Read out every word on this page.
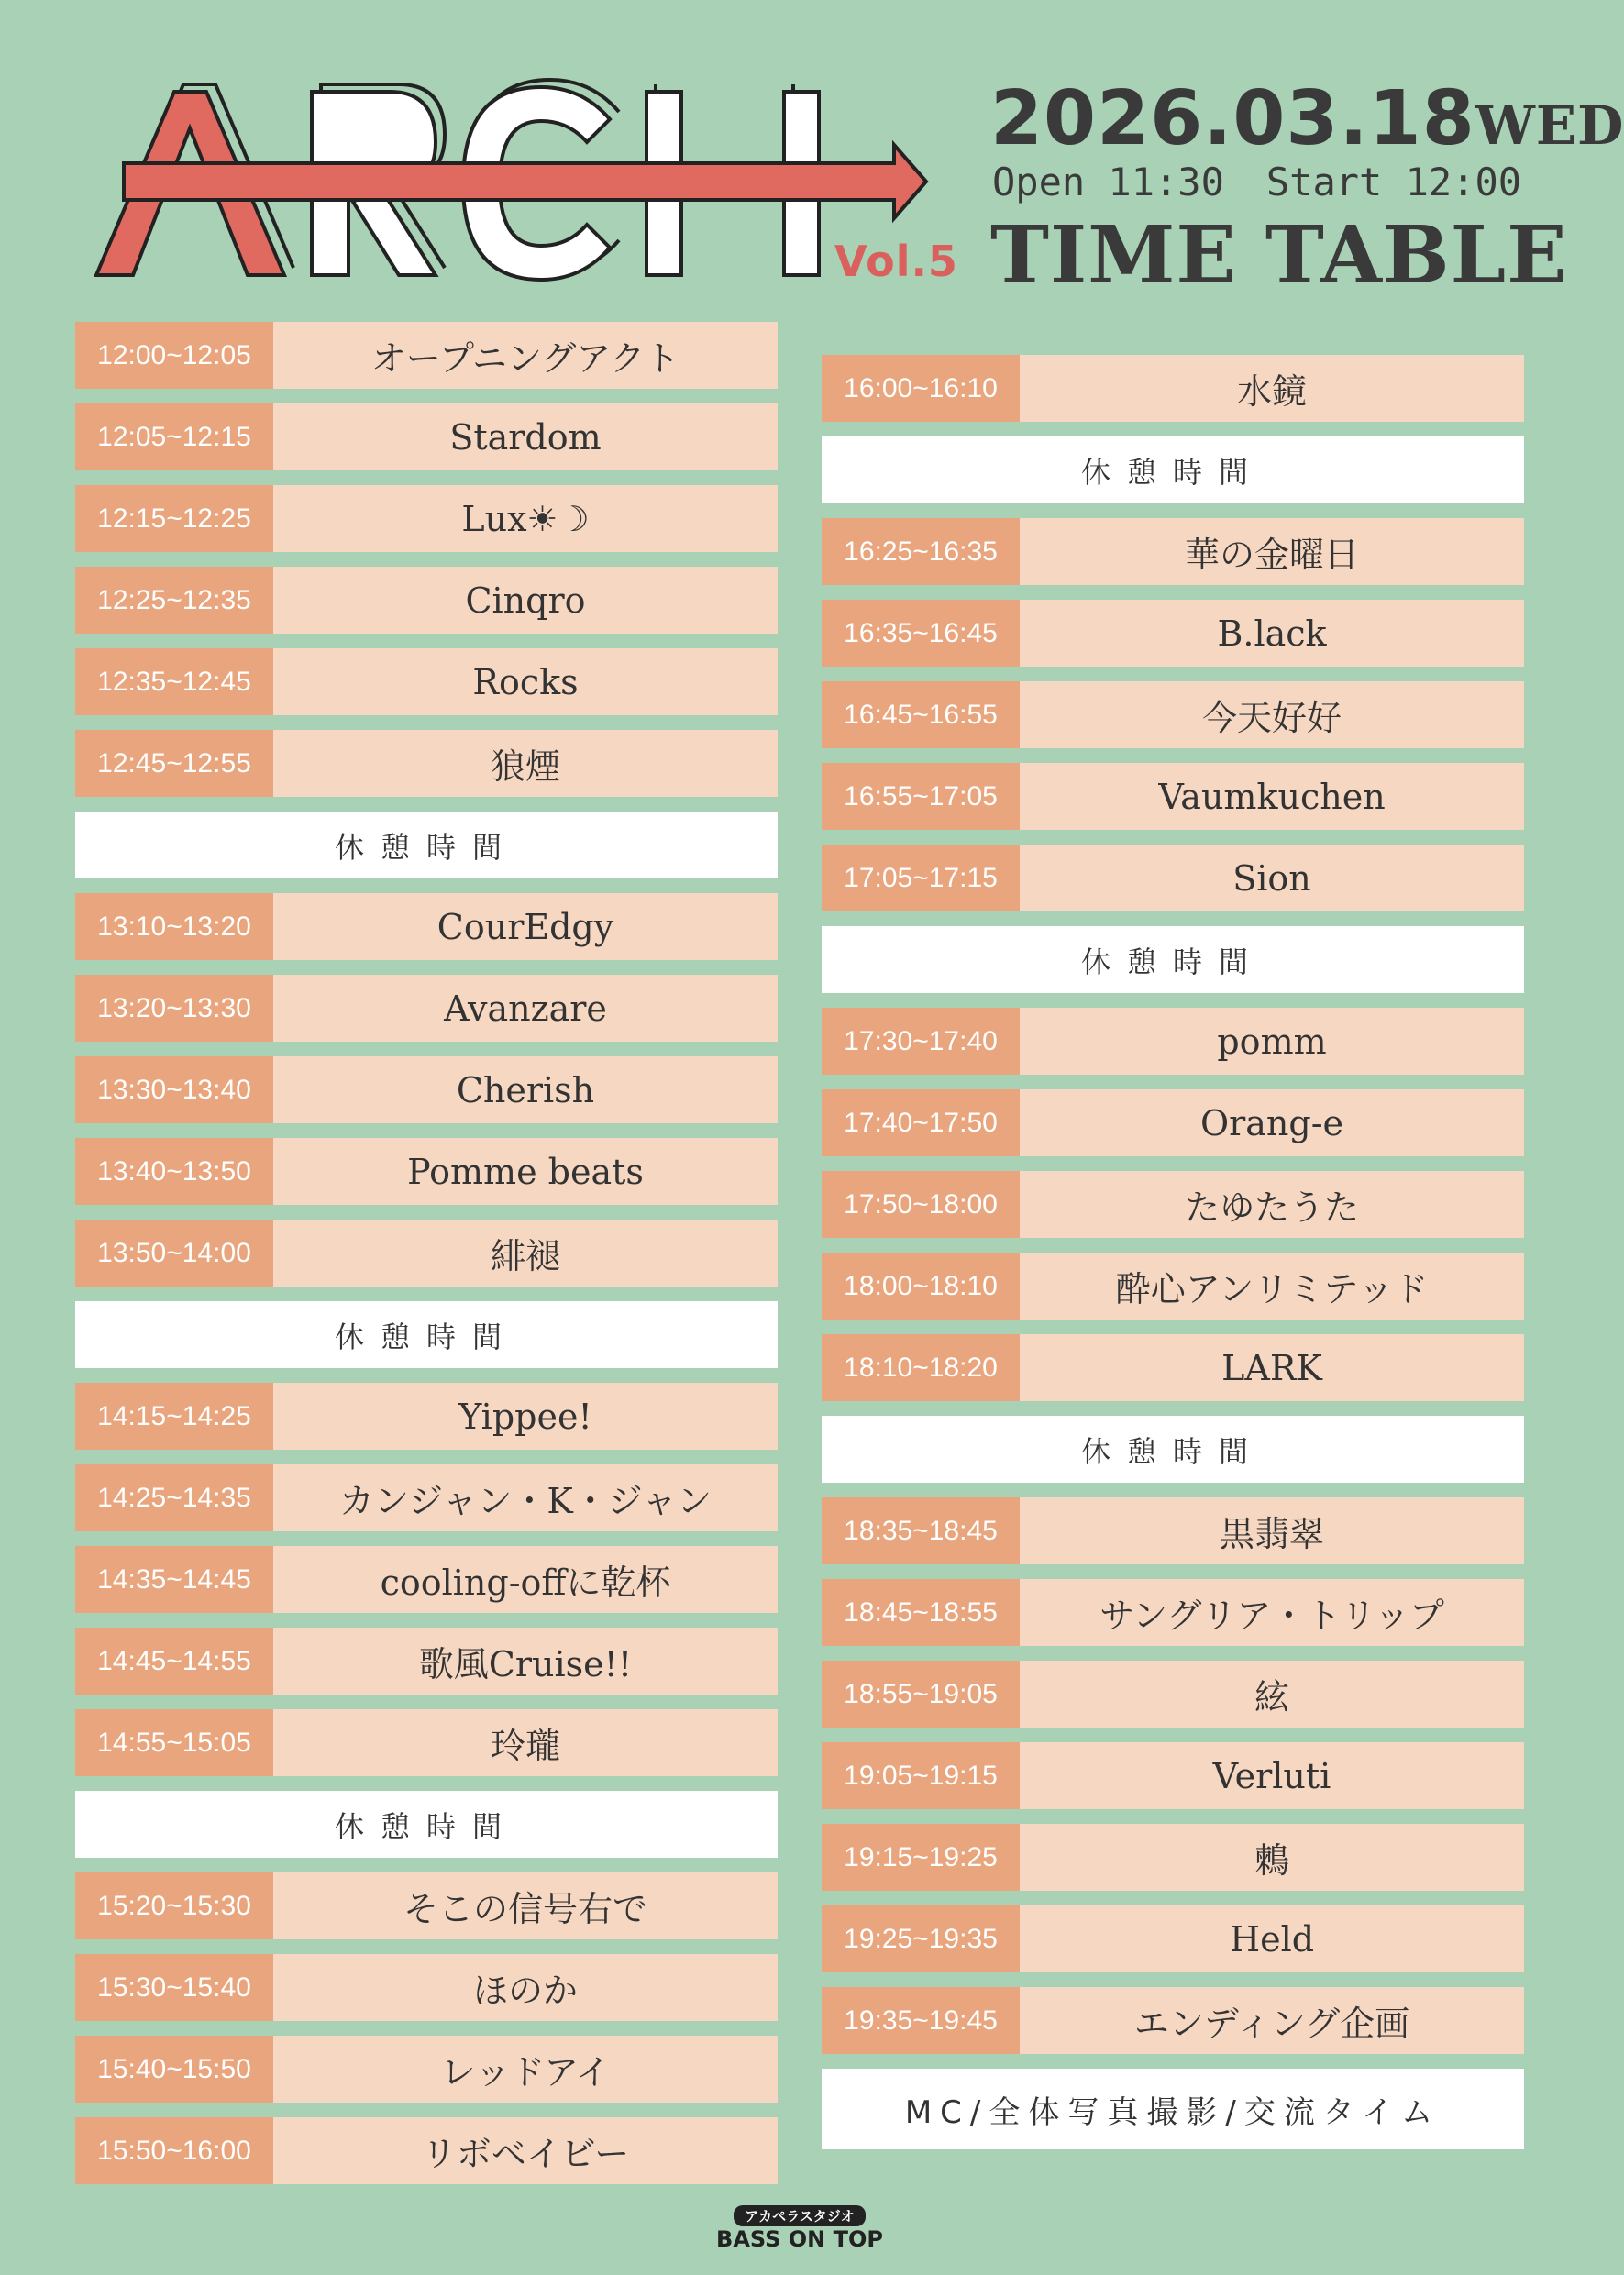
Vol.5
2026.03.18WED
Open 11:30 Start 12:00
TIME TABLE
12:00~12:05	オープニングアクト
12:05~12:15	Stardom
12:15~12:25	Lux☀☽
12:25~12:35	Cinqro
12:35~12:45	Rocks
12:45~12:55	狼煙
休憩時間
13:10~13:20	CourEdgy
13:20~13:30	Avanzare
13:30~13:40	Cherish
13:40~13:50	Pomme beats
13:50~14:00	緋褪
休憩時間
14:15~14:25	Yippee!
14:25~14:35	カンジャン・K・ジャン
14:35~14:45	cooling-offに乾杯
14:45~14:55	歌風Cruise!!
14:55~15:05	玲瓏
休憩時間
15:20~15:30	そこの信号右で
15:30~15:40	ほのか
15:40~15:50	レッドアイ
15:50~16:00	リボベイビー
16:00~16:10	水鏡
休憩時間
16:25~16:35	華の金曜日
16:35~16:45	B.lack
16:45~16:55	今天好好
16:55~17:05	Vaumkuchen
17:05~17:15	Sion
休憩時間
17:30~17:40	pomm
17:40~17:50	Orang-e
17:50~18:00	たゆたうた
18:00~18:10	酔心アンリミテッド
18:10~18:20	LARK
休憩時間
18:35~18:45	黒翡翠
18:45~18:55	サングリア・トリップ
18:55~19:05	絃
19:05~19:15	Verluti
19:15~19:25	鶫
19:25~19:35	Held
19:35~19:45	エンディング企画
MC/全体写真撮影/交流タイム
アカペラスタジオ
BASS ON TOP
